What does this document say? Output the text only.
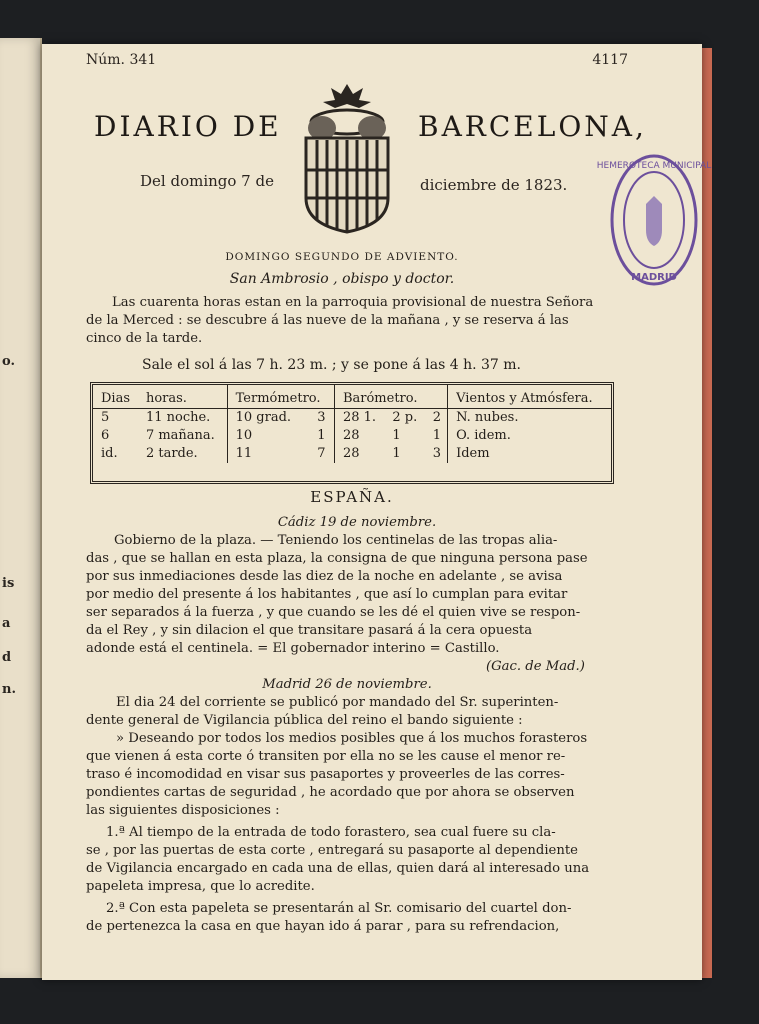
o.
is
a
d
n.
Núm. 341	4117
DIARIO DE	BARCELONA,
Del domingo 7 de	diciembre de 1823.
HEMEROTECA MUNICIPAL
MADRID
DOMINGO SEGUNDO DE ADVIENTO.
San Ambrosio , obispo y doctor.
Las cuarenta horas estan en la parroquia provisional de nuestra Señora
de la Merced : se descubre á las nueve de la mañana , y se reserva á las
cinco de la tarde.
Sale el sol á las 7 h. 23 m. ; y se pone á las 4 h. 37 m.
Dias	horas.	Termómetro.		Barómetro.			Vientos y Atmósfera.
5	11 noche.	10 grad.	3	28 1.	2 p.	2	N. nubes.
6	7 mañana.	10	1	28	1	1	O. idem.
id.	2 tarde.	11	7	28	1	3	Idem
ESPAÑA.
Cádiz 19 de noviembre.
Gobierno de la plaza. — Teniendo los centinelas de las tropas alia-
das , que se hallan en esta plaza, la consigna de que ninguna persona pase
por sus inmediaciones desde las diez de la noche en adelante , se avisa
por medio del presente á los habitantes , que así lo cumplan para evitar
ser separados á la fuerza , y que cuando se les dé el quien vive se respon-
da el Rey , y sin dilacion el que transitare pasará á la cera opuesta
adonde está el centinela. = El gobernador interino = Castillo.
(Gac. de Mad.)
Madrid 26 de noviembre.
El dia 24 del corriente se publicó por mandado del Sr. superinten-
dente general de Vigilancia pública del reino el bando siguiente :
» Deseando por todos los medios posibles que á los muchos forasteros
que vienen á esta corte ó transiten por ella no se les cause el menor re-
traso é incomodidad en visar sus pasaportes y proveerles de las corres-
pondientes cartas de seguridad , he acordado que por ahora se observen
las siguientes disposiciones :
1.ª Al tiempo de la entrada de todo forastero, sea cual fuere su cla-
se , por las puertas de esta corte , entregará su pasaporte al dependiente
de Vigilancia encargado en cada una de ellas, quien dará al interesado una
papeleta impresa, que lo acredite.
2.ª Con esta papeleta se presentarán al Sr. comisario del cuartel don-
de pertenezca la casa en que hayan ido á parar , para su refrendacion,
